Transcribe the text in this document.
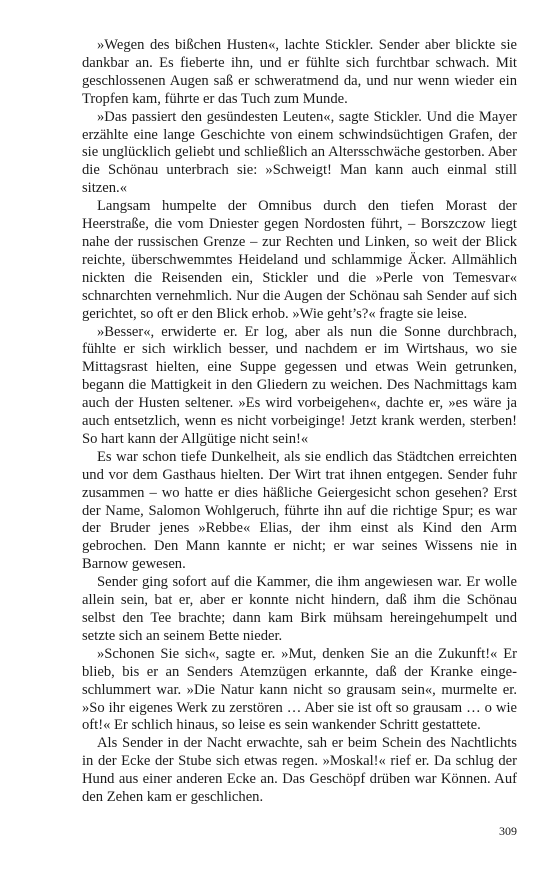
»Wegen des bißchen Husten«, lachte Stickler. Sender aber blickte sie dankbar an. Es fieberte ihn, und er fühlte sich furchtbar schwach. Mit geschlossenen Augen saß er schweratmend da, und nur wenn wieder ein Tropfen kam, führte er das Tuch zum Munde.

»Das passiert den gesündesten Leuten«, sagte Stickler. Und die Mayer erzählte eine lange Geschichte von einem schwindsüchtigen Grafen, der sie unglücklich geliebt und schließlich an Altersschwäche gestorben. Aber die Schönau unterbrach sie: »Schweigt! Man kann auch einmal still sitzen.«

Langsam humpelte der Omnibus durch den tiefen Morast der Heerstraße, die vom Dniester gegen Nordosten führt, – Borszczow liegt nahe der russischen Grenze – zur Rechten und Linken, so weit der Blick reichte, überschwemmtes Heideland und schlammige Äcker. Allmählich nickten die Reisenden ein, Stickler und die »Perle von Temesvar« schnarchten vernehmlich. Nur die Augen der Schönau sah Sender auf sich gerichtet, so oft er den Blick erhob. »Wie geht’s?« fragte sie leise.

»Besser«, erwiderte er. Er log, aber als nun die Sonne durchbrach, fühlte er sich wirklich besser, und nachdem er im Wirtshaus, wo sie Mittagsrast hielten, eine Suppe gegessen und etwas Wein getrunken, begann die Mattigkeit in den Gliedern zu weichen. Des Nachmittags kam auch der Husten seltener. »Es wird vorbeigehen«, dachte er, »es wäre ja auch entsetzlich, wenn es nicht vorbeiginge! Jetzt krank werden, sterben! So hart kann der Allgütige nicht sein!«

Es war schon tiefe Dunkelheit, als sie endlich das Städtchen erreichten und vor dem Gasthaus hielten. Der Wirt trat ihnen entgegen. Sender fuhr zusammen – wo hatte er dies häßliche Geiergesicht schon gesehen? Erst der Name, Salomon Wohlgeruch, führte ihn auf die richtige Spur; es war der Bruder jenes »Rebbe« Elias, der ihm einst als Kind den Arm gebrochen. Den Mann kannte er nicht; er war seines Wissens nie in Barnow gewesen.

Sender ging sofort auf die Kammer, die ihm angewiesen war. Er wolle allein sein, bat er, aber er konnte nicht hindern, daß ihm die Schönau selbst den Tee brachte; dann kam Birk mühsam hereingehumpelt und setzte sich an seinem Bette nieder.

»Schonen Sie sich«, sagte er. »Mut, denken Sie an die Zukunft!« Er blieb, bis er an Senders Atemzügen erkannte, daß der Kranke eingeschlummert war. »Die Natur kann nicht so grausam sein«, murmelte er. »So ihr eigenes Werk zu zerstören … Aber sie ist oft so grausam … o wie oft!« Er schlich hinaus, so leise es sein wankender Schritt gestattete.

Als Sender in der Nacht erwachte, sah er beim Schein des Nachtlichts in der Ecke der Stube sich etwas regen. »Moskal!« rief er. Da schlug der Hund aus einer anderen Ecke an. Das Geschöpf drüben war Können. Auf den Zehen kam er geschlichen.

309
